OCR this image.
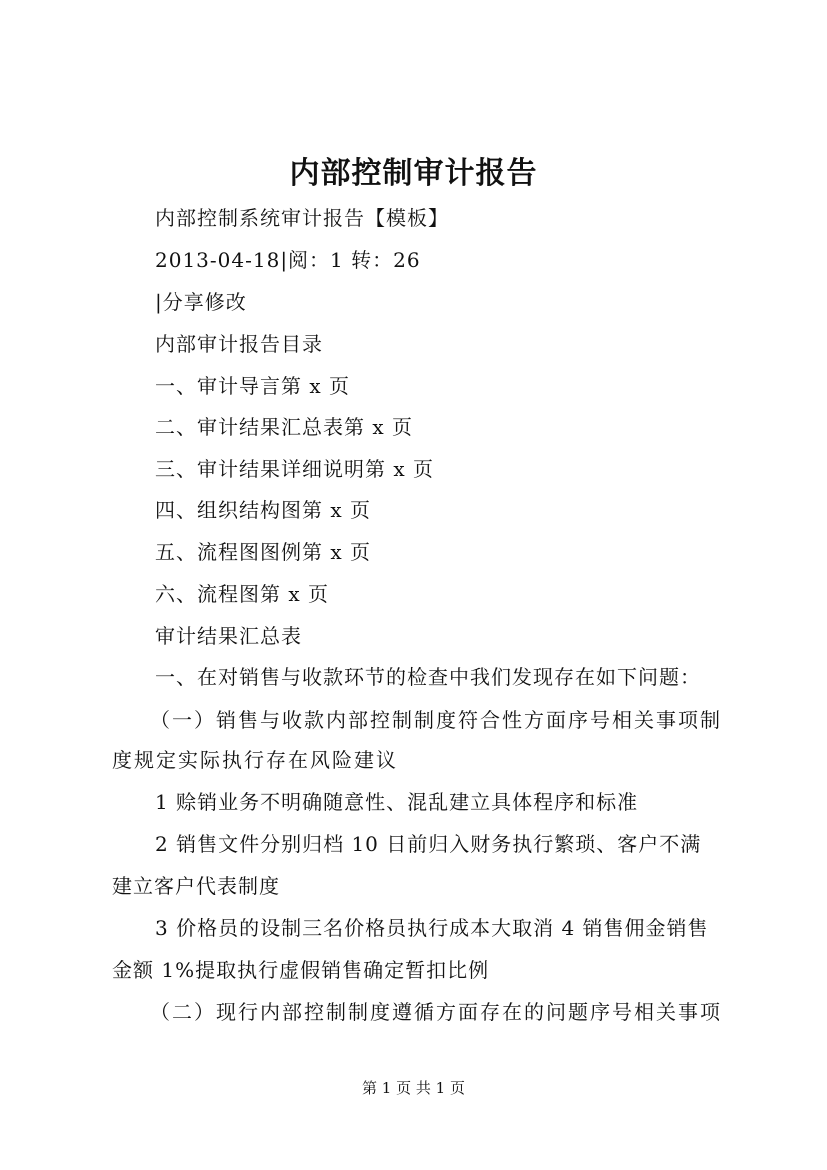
内部控制审计报告
内部控制系统审计报告【模板】
2013-04-18|阅：1 转：26
|分享修改
内部审计报告目录
一、审计导言第 x 页
二、审计结果汇总表第 x 页
三、审计结果详细说明第 x 页
四、组织结构图第 x 页
五、流程图图例第 x 页
六、流程图第 x 页
审计结果汇总表
一、在对销售与收款环节的检查中我们发现存在如下问题：
（一）销售与收款内部控制制度符合性方面序号相关事项制
度规定实际执行存在风险建议
1 赊销业务不明确随意性、混乱建立具体程序和标准
2 销售文件分别归档 10 日前归入财务执行繁琐、客户不满
建立客户代表制度
3 价格员的设制三名价格员执行成本大取消 4 销售佣金销售
金额 1%提取执行虚假销售确定暂扣比例
（二）现行内部控制制度遵循方面存在的问题序号相关事项
第 1 页 共 1 页
